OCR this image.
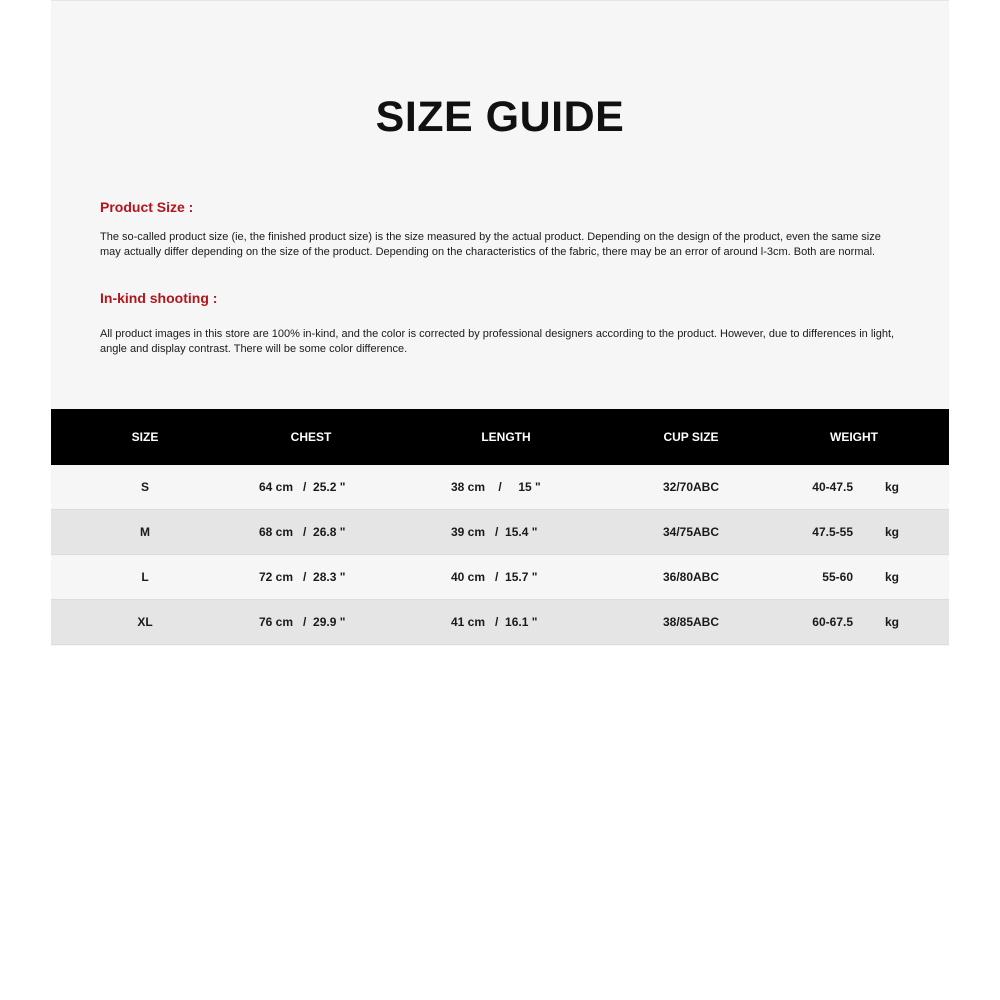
SIZE GUIDE
Product Size :

The so-called product size (ie, the finished product size) is the size measured by the actual product. Depending on the design of the product, even the same size may actually differ depending on the size of the product. Depending on the characteristics of the fabric, there may be an error of around l-3cm. Both are normal.

In-kind shooting :

All product images in this store are 100% in-kind, and the color is corrected by professional designers according to the product. However, due to differences in light, angle and display contrast. There will be some color difference.

SIZE	CHEST	LENGTH	CUP SIZE	WEIGHT
S	64 cm   /  25.2 "	38 cm    /     15 "	32/70ABC	40-47.5	kg
M	68 cm   /  26.8 "	39 cm   /  15.4 "	34/75ABC	47.5-55	kg
L	72 cm   /  28.3 "	40 cm   /  15.7 "	36/80ABC	55-60	kg
XL	76 cm   /  29.9 "	41 cm   /  16.1 "	38/85ABC	60-67.5	kg
